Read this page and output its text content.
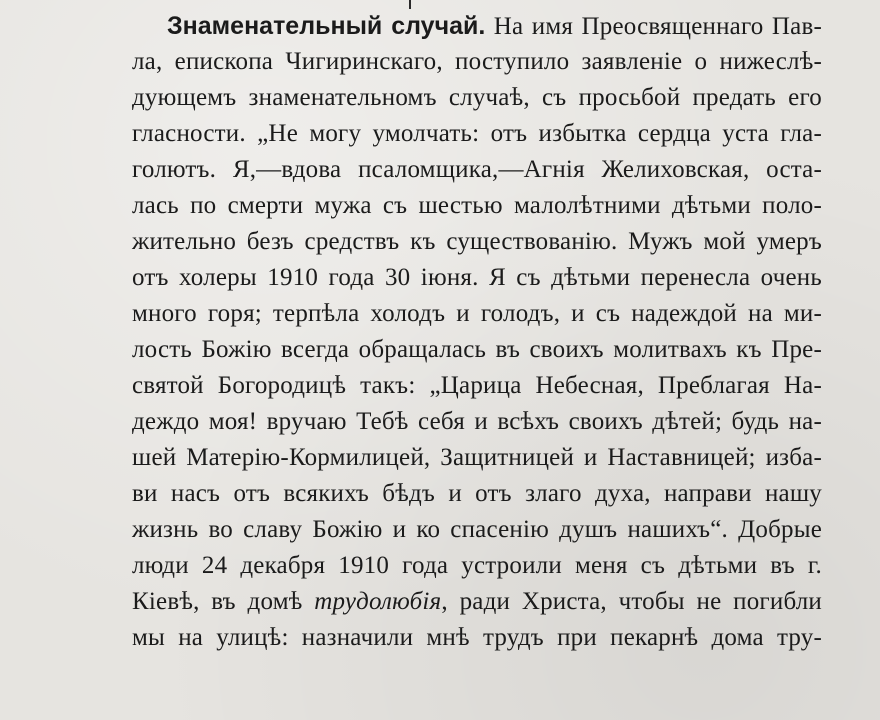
Знаменательный случай. На имя Преосвященнаго Пав-
ла, епископа Чигиринскаго, поступило заявленіе о нижеслѣ-
дующемъ знаменательномъ случаѣ, съ просьбой предать его
гласности. „Не могу умолчать: отъ избытка сердца уста гла-
голютъ. Я,—вдова псаломщика,—Агнія Желиховская, оста-
лась по смерти мужа съ шестью малолѣтними дѣтьми поло-
жительно безъ средствъ къ существованію. Мужъ мой умеръ
отъ холеры 1910 года 30 іюня. Я съ дѣтьми перенесла очень
много горя; терпѣла холодъ и голодъ, и съ надеждой на ми-
лость Божію всегда обращалась въ своихъ молитвахъ къ Пре-
святой Богородицѣ такъ: „Царица Небесная, Преблагая На-
деждо моя! вручаю Тебѣ себя и всѣхъ своихъ дѣтей; будь на-
шей Матерію-Кормилицей, Защитницей и Наставницей; изба-
ви насъ отъ всякихъ бѣдъ и отъ злаго духа, направи нашу
жизнь во славу Божію и ко спасенію душъ нашихъ“. Добрые
люди 24 декабря 1910 года устроили меня съ дѣтьми въ г.
Кіевѣ, въ домѣ трудолюбія, ради Христа, чтобы не погибли
мы на улицѣ: назначили мнѣ трудъ при пекарнѣ дома тру-
